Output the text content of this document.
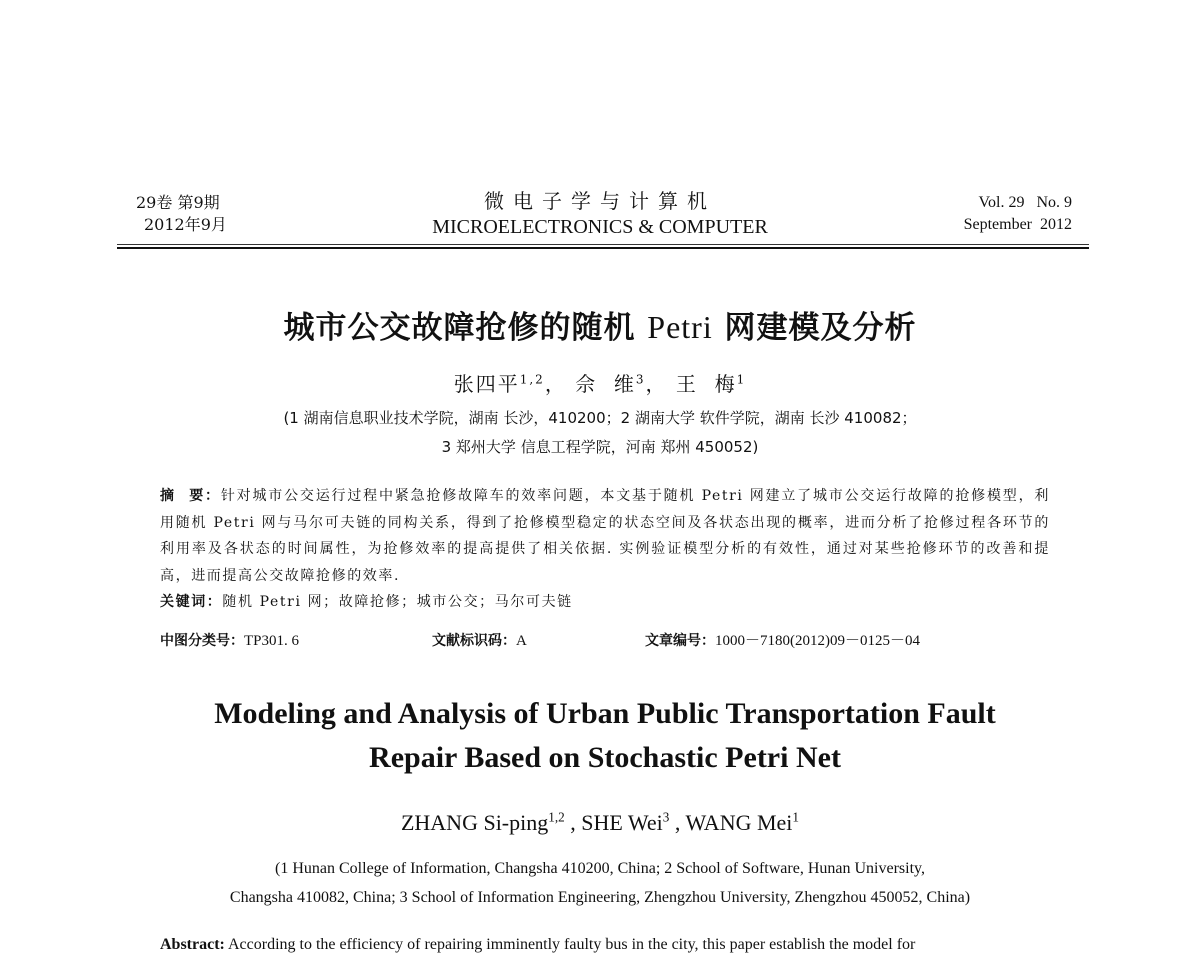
29卷 第9期
2012年9月
微电子学与计算机
MICROELECTRONICS & COMPUTER
Vol. 29   No. 9
September  2012
城市公交故障抢修的随机 Petri 网建模及分析
张四平$^{1,2}$， 佘  维$^3$， 王  梅$^1$
(1 湖南信息职业技术学院，湖南 长沙，410200；2 湖南大学 软件学院，湖南 长沙 410082；
3 郑州大学 信息工程学院，河南 郑州 450052)
摘  要：针对城市公交运行过程中紧急抢修故障车的效率问题，本文基于随机 Petri 网建立了城市公交运行故障的抢修模型，利用随机 Petri 网与马尔可夫链的同构关系，得到了抢修模型稳定的状态空间及各状态出现的概率，进而分析了抢修过程各环节的利用率及各状态的时间属性，为抢修效率的提高提供了相关依据. 实例验证模型分析的有效性，通过对某些抢修环节的改善和提高，进而提高公交故障抢修的效率.
关键词：随机 Petri 网；故障抢修；城市公交；马尔可夫链
中图分类号：TP301. 6	文献标识码：A	文章编号：1000－7180(2012)09－0125－04
Modeling and Analysis of Urban Public Transportation Fault
Repair Based on Stochastic Petri Net
ZHANG Si-ping$^{1,2}$ , SHE Wei$^3$ , WANG Mei$^1$
(1 Hunan College of Information, Changsha 410200, China; 2 School of Software, Hunan University,
Changsha 410082, China; 3 School of Information Engineering, Zhengzhou University, Zhengzhou 450052, China)
Abstract: According to the efficiency of repairing imminently faulty bus in the city, this paper establish the model for
